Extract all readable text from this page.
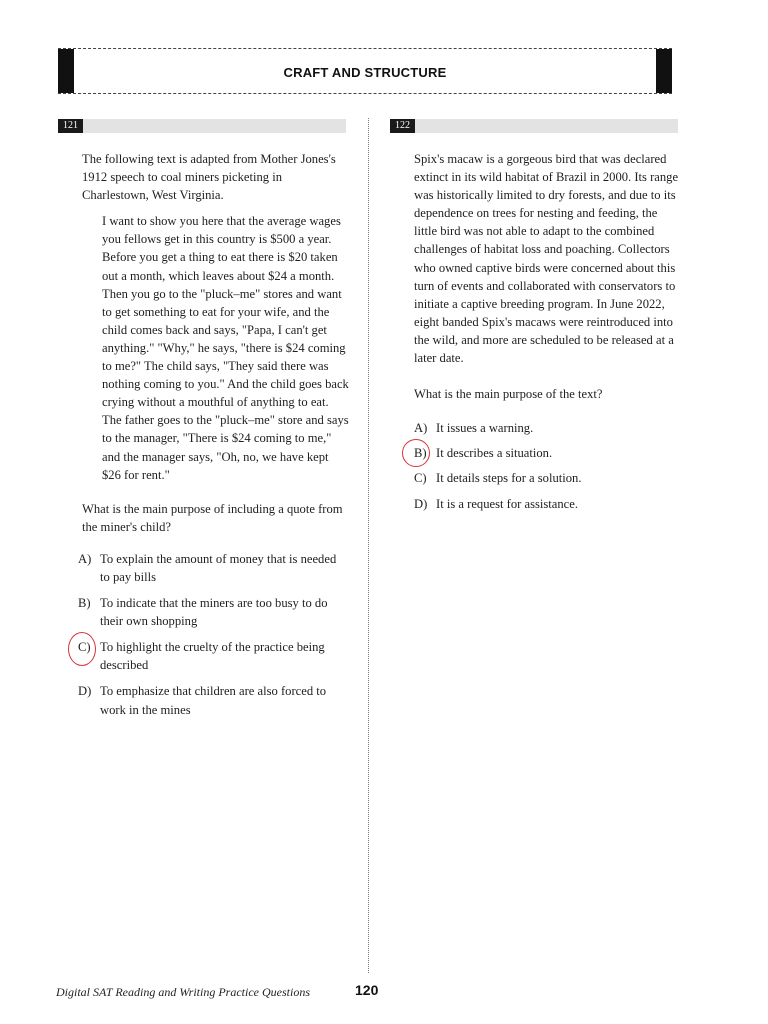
CRAFT AND STRUCTURE
121	122

The following text is adapted from Mother Jones's 1912 speech to coal miners picketing in Charlestown, West Virginia.

I want to show you here that the average wages you fellows get in this country is $500 a year. Before you get a thing to eat there is $20 taken out a month, which leaves about $24 a month. Then you go to the "pluck–me" stores and want to get something to eat for your wife, and the child comes back and says, "Papa, I can't get anything." "Why," he says, "there is $24 coming to me?" The child says, "They said there was nothing coming to you." And the child goes back crying without a mouthful of anything to eat. The father goes to the "pluck–me" store and says to the manager, "There is $24 coming to me," and the manager says, "Oh, no, we have kept $26 for rent."

What is the main purpose of including a quote from the miner's child?

A) To explain the amount of money that is needed to pay bills
B) To indicate that the miners are too busy to do their own shopping
C) To highlight the cruelty of the practice being described
D) To emphasize that children are also forced to work in the mines

Spix's macaw is a gorgeous bird that was declared extinct in its wild habitat of Brazil in 2000. Its range was historically limited to dry forests, and due to its dependence on trees for nesting and feeding, the little bird was not able to adapt to the combined challenges of habitat loss and poaching. Collectors who owned captive birds were concerned about this turn of events and collaborated with conservators to initiate a captive breeding program. In June 2022, eight banded Spix's macaws were reintroduced into the wild, and more are scheduled to be released at a later date.

What is the main purpose of the text?

A) It issues a warning.
B) It describes a situation.
C) It details steps for a solution.
D) It is a request for assistance.
Digital SAT Reading and Writing Practice Questions	120
